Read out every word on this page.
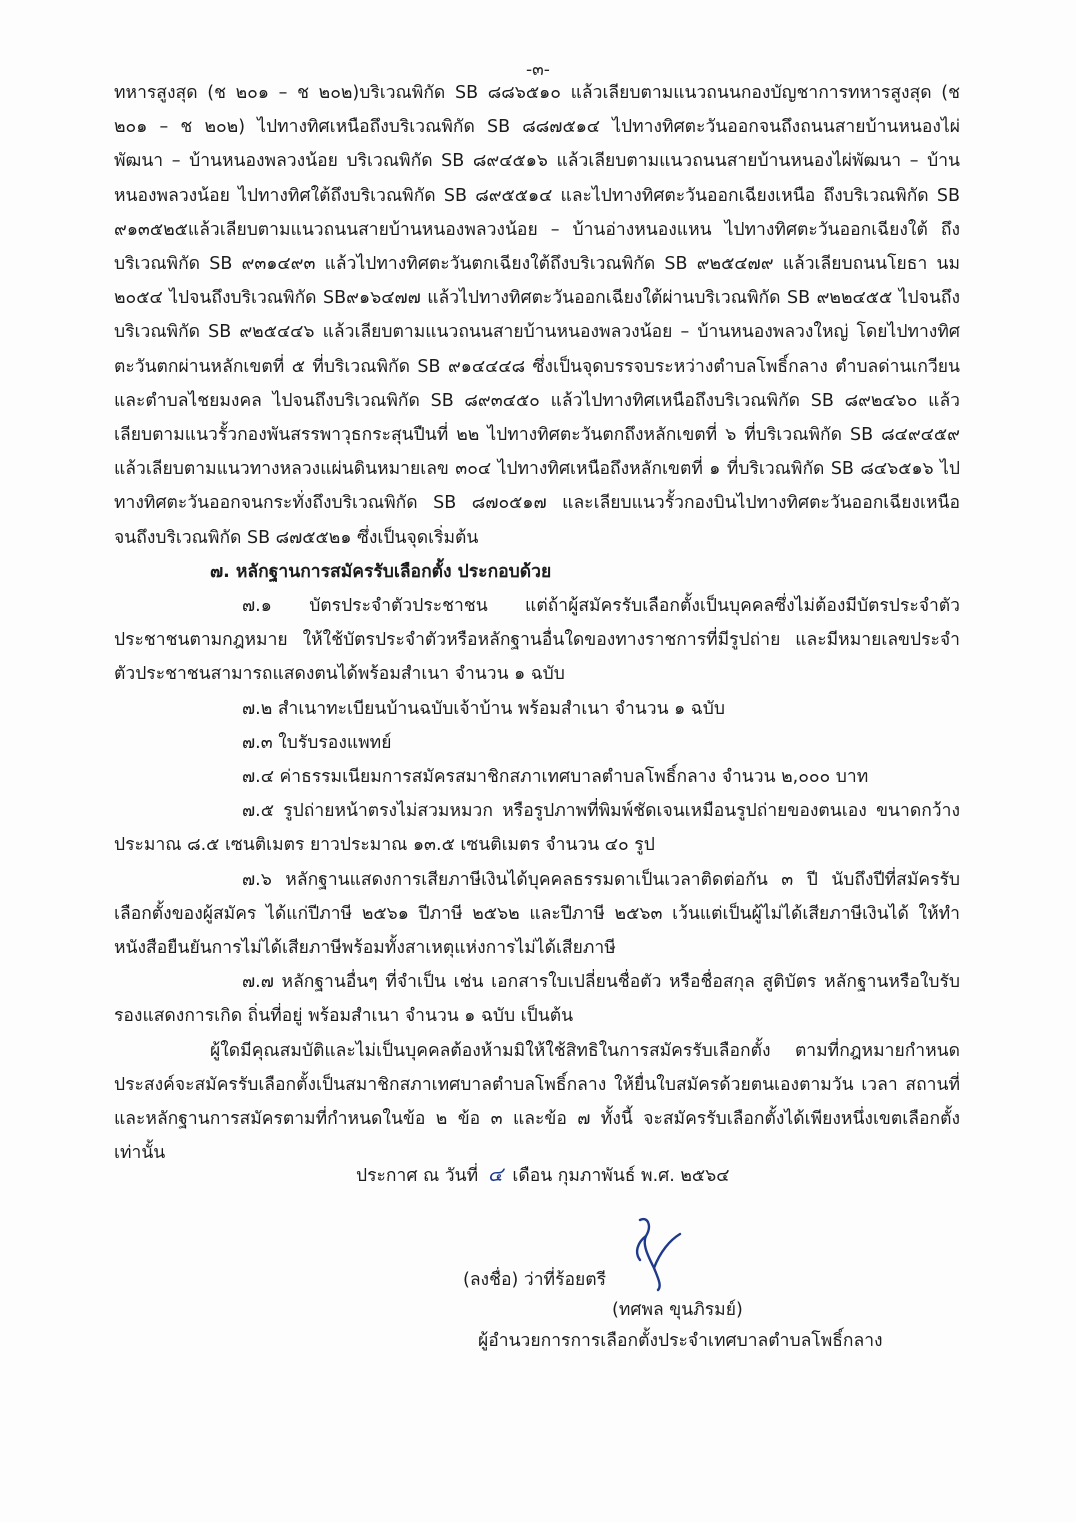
-๓-

ทหารสูงสุด (ช ๒๐๑ – ช ๒๐๒)บริเวณพิกัด SB ๘๘๖๕๑๐ แล้วเลียบตามแนวถนนกองบัญชาการทหารสูงสุด (ช ๒๐๑ – ช ๒๐๒) ไปทางทิศเหนือถึงบริเวณพิกัด SB ๘๘๗๕๑๔ ไปทางทิศตะวันออกจนถึงถนนสายบ้านหนองไผ่พัฒนา – บ้านหนองพลวงน้อย บริเวณพิกัด SB ๘๙๔๕๑๖ แล้วเลียบตามแนวถนนสายบ้านหนองไผ่พัฒนา – บ้านหนองพลวงน้อย ไปทางทิศใต้ถึงบริเวณพิกัด SB ๘๙๕๕๑๔ และไปทางทิศตะวันออกเฉียงเหนือ ถึงบริเวณพิกัด SB ๙๑๓๕๒๕แล้วเลียบตามแนวถนนสายบ้านหนองพลวงน้อย – บ้านอ่างหนองแหน ไปทางทิศตะวันออกเฉียงใต้ ถึงบริเวณพิกัด SB ๙๓๑๔๙๓ แล้วไปทางทิศตะวันตกเฉียงใต้ถึงบริเวณพิกัด SB ๙๒๕๔๗๙ แล้วเลียบถนนโยธา นม ๒๐๕๔ ไปจนถึงบริเวณพิกัด SB๙๑๖๔๗๗ แล้วไปทางทิศตะวันออกเฉียงใต้ผ่านบริเวณพิกัด SB ๙๒๒๔๕๕ ไปจนถึงบริเวณพิกัด SB ๙๒๕๔๔๖ แล้วเลียบตามแนวถนนสายบ้านหนองพลวงน้อย – บ้านหนองพลวงใหญ่ โดยไปทางทิศตะวันตกผ่านหลักเขตที่ ๕ ที่บริเวณพิกัด SB ๙๑๔๔๔๘ ซึ่งเป็นจุดบรรจบระหว่างตำบลโพธิ์กลาง ตำบลด่านเกวียน และตำบลไชยมงคล ไปจนถึงบริเวณพิกัด SB ๘๙๓๔๕๐ แล้วไปทางทิศเหนือถึงบริเวณพิกัด SB ๘๙๒๔๖๐ แล้วเลียบตามแนวรั้วกองพันสรรพาวุธกระสุนปืนที่ ๒๒ ไปทางทิศตะวันตกถึงหลักเขตที่ ๖ ที่บริเวณพิกัด SB ๘๔๙๔๕๙ แล้วเลียบตามแนวทางหลวงแผ่นดินหมายเลข ๓๐๔ ไปทางทิศเหนือถึงหลักเขตที่ ๑ ที่บริเวณพิกัด SB ๘๔๖๕๑๖ ไปทางทิศตะวันออกจนกระทั่งถึงบริเวณพิกัด SB ๘๗๐๕๑๗ และเลียบแนวรั้วกองบินไปทางทิศตะวันออกเฉียงเหนือ จนถึงบริเวณพิกัด SB ๘๗๕๕๒๑ ซึ่งเป็นจุดเริ่มต้น

๗. หลักฐานการสมัครรับเลือกตั้ง ประกอบด้วย

๗.๑ บัตรประจำตัวประชาชน แต่ถ้าผู้สมัครรับเลือกตั้งเป็นบุคคลซึ่งไม่ต้องมีบัตรประจำตัวประชาชนตามกฎหมาย ให้ใช้บัตรประจำตัวหรือหลักฐานอื่นใดของทางราชการที่มีรูปถ่าย และมีหมายเลขประจำตัวประชาชนสามารถแสดงตนได้พร้อมสำเนา จำนวน ๑ ฉบับ

๗.๒ สำเนาทะเบียนบ้านฉบับเจ้าบ้าน พร้อมสำเนา จำนวน ๑ ฉบับ

๗.๓ ใบรับรองแพทย์

๗.๔ ค่าธรรมเนียมการสมัครสมาชิกสภาเทศบาลตำบลโพธิ์กลาง จำนวน ๒,๐๐๐ บาท

๗.๕ รูปถ่ายหน้าตรงไม่สวมหมวก หรือรูปภาพที่พิมพ์ชัดเจนเหมือนรูปถ่ายของตนเอง ขนาดกว้างประมาณ ๘.๕ เซนติเมตร ยาวประมาณ ๑๓.๕ เซนติเมตร จำนวน ๔๐ รูป

๗.๖ หลักฐานแสดงการเสียภาษีเงินได้บุคคลธรรมดาเป็นเวลาติดต่อกัน ๓ ปี นับถึงปีที่สมัครรับเลือกตั้งของผู้สมัคร ได้แก่ปีภาษี ๒๕๖๑ ปีภาษี ๒๕๖๒ และปีภาษี ๒๕๖๓ เว้นแต่เป็นผู้ไม่ได้เสียภาษีเงินได้ ให้ทำหนังสือยืนยันการไม่ได้เสียภาษีพร้อมทั้งสาเหตุแห่งการไม่ได้เสียภาษี

๗.๗ หลักฐานอื่นๆ ที่จำเป็น เช่น เอกสารใบเปลี่ยนชื่อตัว หรือชื่อสกุล สูติบัตร หลักฐานหรือใบรับรองแสดงการเกิด ถิ่นที่อยู่ พร้อมสำเนา จำนวน ๑ ฉบับ เป็นต้น

ผู้ใดมีคุณสมบัติและไม่เป็นบุคคลต้องห้ามมิให้ใช้สิทธิในการสมัครรับเลือกตั้ง ตามที่กฎหมายกำหนด ประสงค์จะสมัครรับเลือกตั้งเป็นสมาชิกสภาเทศบาลตำบลโพธิ์กลาง ให้ยื่นใบสมัครด้วยตนเองตามวัน เวลา สถานที่ และหลักฐานการสมัครตามที่กำหนดในข้อ ๒ ข้อ ๓ และข้อ ๗ ทั้งนี้ จะสมัครรับเลือกตั้งได้เพียงหนึ่งเขตเลือกตั้งเท่านั้น

ประกาศ ณ วันที่ ๔ เดือน กุมภาพันธ์ พ.ศ. ๒๕๖๔
(ลงชื่อ) ว่าที่ร้อยตรี
(ทศพล ขุนภิรมย์)
ผู้อำนวยการการเลือกตั้งประจำเทศบาลตำบลโพธิ์กลาง
